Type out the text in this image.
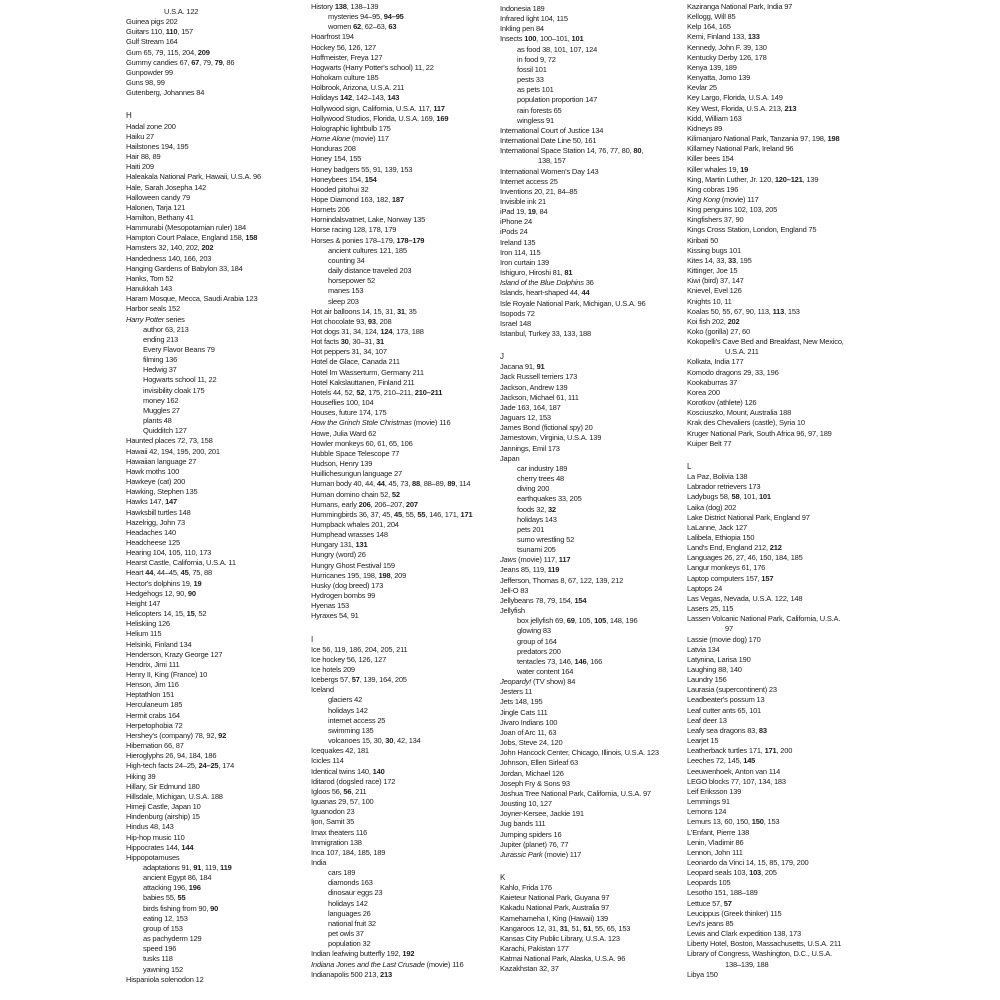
U.S.A. 122
Guinea pigs 202
Guitars 110, 110, 157
Gulf Stream 164
Gum 65, 79, 115, 204, 209
Gummy candies 67, 67, 79, 79, 86
Gunpowder 99
Guns 98, 99
Gutenberg, Johannes 84
H
Hadal zone 200
Haiku 27
Hailstones 194, 195
Hair 88, 89
Haiti 209
Haleakala National Park, Hawaii, U.S.A. 96
Hale, Sarah Josepha 142
Halloween candy 79
Halonen, Tarja 121
Hamilton, Bethany 41
Hammurabi (Mesopotamian ruler) 184
Hampton Court Palace, England 158, 158
Hamsters 32, 140, 202, 202
Handedness 140, 166, 203
Hanging Gardens of Babylon 33, 184
Hanks, Tom 52
Hanukkah 143
Haram Mosque, Mecca, Saudi Arabia 123
Harbor seals 152
Harry Potter series
author 63, 213
ending 213
Every Flavor Beans 79
filming 136
Hedwig 37
Hogwarts school 11, 22
invisibility cloak 175
money 162
Muggles 27
plants 48
Quidditch 127
Haunted places 72, 73, 158
Hawaii 42, 194, 195, 200, 201
Hawaiian language 27
Hawk moths 100
Hawkeye (cat) 200
Hawking, Stephen 135
Hawks 147, 147
Hawksbill turtles 148
Hazelrigg, John 73
Headaches 140
Headcheese 125
Hearing 104, 105, 110, 173
Hearst Castle, California, U.S.A. 11
Heart 44, 44–45, 45, 75, 88
Hector's dolphins 19, 19
Hedgehogs 12, 90, 90
Height 147
Helicopters 14, 15, 15, 52
Heliskiing 126
Helium 115
Helsinki, Finland 134
Henderson, Krazy George 127
Hendrix, Jimi 111
Henry II, King (France) 10
Henson, Jim 116
Heptathlon 151
Herculaneum 185
Hermit crabs 164
Herpetophobia 72
Hershey's (company) 78, 92, 92
Hibernation 66, 87
Hieroglyphs 26, 94, 184, 186
High-tech facts 24–25, 24–25, 174
Hiking 39
Hillary, Sir Edmund 180
Hillsdale, Michigan, U.S.A. 188
Himeji Castle, Japan 10
Hindenburg (airship) 15
Hindus 48, 143
Hip-hop music 110
Hippocrates 144, 144
Hippopotamuses
adaptations 91, 91, 119, 119
ancient Egypt 86, 184
attacking 196, 196
babies 55, 55
birds fishing from 90, 90
eating 12, 153
group of 153
as pachyderm 129
speed 196
tusks 118
yawning 152
Hispaniola solenodon 12
History 138, 138–139
mysteries 94–95, 94–95
women 62, 62–63, 63
Hoarfrost 194
Hockey 56, 126, 127
Hoffmeister, Freya 127
Hogwarts (Harry Potter's school) 11, 22
Hohokam culture 185
Holbrook, Arizona, U.S.A. 211
Holidays 142, 142–143, 143
Hollywood sign, California, U.S.A. 117, 117
Hollywood Studios, Florida, U.S.A. 169, 169
Holographic lightbulb 175
Home Alone (movie) 117
Honduras 208
Honey 154, 155
Honey badgers 55, 91, 139, 153
Honeybees 154, 154
Hooded pitohui 32
Hope Diamond 163, 182, 187
Hornets 206
Hornindalsvatnet, Lake, Norway 135
Horse racing 128, 178, 179
Horses & ponies 178–179, 178–179
ancient cultures 121, 185
counting 34
daily distance traveled 203
horsepower 52
manes 153
sleep 203
Hot air balloons 14, 15, 31, 31, 35
Hot chocolate 93, 93, 208
Hot dogs 31, 34, 124, 124, 173, 188
Hot facts 30, 30–31, 31
Hot peppers 31, 34, 107
Hotel de Glace, Canada 211
Hotel Im Wasserturm, Germany 211
Hotel Kakslauttanen, Finland 211
Hotels 44, 52, 52, 175, 210–211, 210–211
Houseflies 100, 104
Houses, future 174, 175
How the Grinch Stole Christmas (movie) 116
Howe, Julia Ward 62
Howler monkeys 60, 61, 65, 106
Hubble Space Telescope 77
Hudson, Henry 139
Huillichesungun language 27
Human body 40, 44, 44, 45, 73, 88, 88–89, 89, 114
Human domino chain 52, 52
Humans, early 206, 206–207, 207
Hummingbirds 36, 37, 45, 45, 55, 55, 146, 171, 171
Humpback whales 201, 204
Humphead wrasses 148
Hungary 131, 131
Hungry (word) 26
Hungry Ghost Festival 159
Hurricanes 195, 198, 198, 209
Husky (dog breed) 173
Hydrogen bombs 99
Hyenas 153
Hyraxes 54, 91
I
Ice 56, 119, 186, 204, 205, 211
Ice hockey 56, 126, 127
Ice hotels 209
Icebergs 57, 57, 139, 164, 205
Iceland
glaciers 42
holidays 142
internet access 25
swimming 135
volcanoes 15, 30, 30, 42, 134
Icequakes 42, 181
Icicles 114
Identical twins 140, 140
Iditarod (dogsled race) 172
Igloos 56, 56, 211
Iguanas 29, 57, 100
Iguanodon 23
Ijon, Samit 35
Imax theaters 116
Immigration 138
Inca 107, 184, 185, 189
India
cars 189
diamonds 163
dinosaur eggs 23
holidays 142
languages 26
national fruit 32
pet owls 37
population 32
Indian leafwing butterfly 192, 192
Indiana Jones and the Last Crusade (movie) 116
Indianapolis 500 213, 213
Indonesia 189
Infrared light 104, 115
Inkling pen 84
Insects 100, 100–101, 101
as food 38, 101, 107, 124
in food 9, 72
fossil 101
pests 33
as pets 101
population proportion 147
rain forests 65
wingless 91
International Court of Justice 134
International Date Line 50, 161
International Space Station 14, 76, 77, 80, 80,
138, 157
International Women's Day 143
Internet access 25
Inventions 20, 21, 84–85
Invisible ink 21
iPad 19, 19, 84
iPhone 24
iPods 24
Ireland 135
Iron 114, 115
Iron curtain 139
Ishiguro, Hiroshi 81, 81
Island of the Blue Dolphins 36
Islands, heart-shaped 44, 44
Isle Royale National Park, Michigan, U.S.A. 96
Isopods 72
Israel 148
Istanbul, Turkey 33, 133, 188
J
Jacana 91, 91
Jack Russell terriers 173
Jackson, Andrew 139
Jackson, Michael 61, 111
Jade 163, 164, 187
Jaguars 12, 153
James Bond (fictional spy) 20
Jamestown, Virginia, U.S.A. 139
Jannings, Emil 173
Japan
car industry 189
cherry trees 48
diving 200
earthquakes 33, 205
foods 32, 32
holidays 143
pets 201
sumo wrestling 52
tsunami 205
Jaws (movie) 117, 117
Jeans 85, 119, 119
Jefferson, Thomas 8, 67, 122, 139, 212
Jell-O 83
Jellybeans 78, 79, 154, 154
Jellyfish
box jellyfish 69, 69, 105, 105, 148, 196
glowing 83
group of 164
predators 200
tentacles 73, 146, 146, 166
water content 164
Jeopardy! (TV show) 84
Jesters 11
Jets 148, 195
Jingle Cats 111
Jivaro Indians 100
Joan of Arc 11, 63
Jobs, Steve 24, 120
John Hancock Center, Chicago, Illinois, U.S.A. 123
Johnson, Ellen Sirleaf 63
Jordan, Michael 126
Joseph Fry & Sons 93
Joshua Tree National Park, California, U.S.A. 97
Jousting 10, 127
Joyner-Kersee, Jackie 191
Jug bands 111
Jumping spiders 16
Jupiter (planet) 76, 77
Jurassic Park (movie) 117
K
Kahlo, Frida 176
Kaieteur National Park, Guyana 97
Kakadu National Park, Australia 97
Kamehameha I, King (Hawaii) 139
Kangaroos 12, 31, 31, 51, 51, 55, 65, 153
Kansas City Public Library, U.S.A. 123
Karachi, Pakistan 177
Katmai National Park, Alaska, U.S.A. 96
Kazakhstan 32, 37
Kaziranga National Park, India 97
Kellogg, Will 85
Kelp 164, 165
Kemi, Finland 133, 133
Kennedy, John F. 39, 130
Kentucky Derby 126, 178
Kenya 139, 189
Kenyatta, Jomo 139
Kevlar 25
Key Largo, Florida, U.S.A. 149
Key West, Florida, U.S.A. 213, 213
Kidd, William 163
Kidneys 89
Kilimanjaro National Park, Tanzania 97, 198, 198
Killarney National Park, Ireland 96
Killer bees 154
Killer whales 19, 19
King, Martin Luther, Jr. 120, 120–121, 139
King cobras 196
King Kong (movie) 117
King penguins 102, 103, 205
Kingfishers 37, 90
Kings Cross Station, London, England 75
Kiribati 50
Kissing bugs 101
Kites 14, 33, 33, 195
Kittinger, Joe 15
Kiwi (bird) 37, 147
Knievel, Evel 126
Knights 10, 11
Koalas 50, 55, 67, 90, 113, 113, 153
Koi fish 202, 202
Koko (gorilla) 27, 60
Kokopelli's Cave Bed and Breakfast, New Mexico,
U.S.A. 211
Kolkata, India 177
Komodo dragons 29, 33, 196
Kookaburras 37
Korea 200
Korotkov (athlete) 126
Kosciuszko, Mount, Australia 188
Krak des Chevaliers (castle), Syria 10
Kruger National Park, South Africa 96, 97, 189
Kuiper Belt 77
L
La Paz, Bolivia 138
Labrador retrievers 173
Ladybugs 58, 58, 101, 101
Laika (dog) 202
Lake District National Park, England 97
LaLanne, Jack 127
Lalibela, Ethiopia 150
Land's End, England 212, 212
Languages 26, 27, 46, 150, 184, 185
Langur monkeys 61, 176
Laptop computers 157, 157
Laptops 24
Las Vegas, Nevada, U.S.A. 122, 148
Lasers 25, 115
Lassen Volcanic National Park, California, U.S.A.
97
Lassie (movie dog) 170
Latvia 134
Latynina, Larisa 190
Laughing 88, 140
Laundry 156
Laurasia (supercontinent) 23
Leadbeater's possum 13
Leaf cutter ants 65, 101
Leaf deer 13
Leafy sea dragons 83, 83
Learjet 15
Leatherback turtles 171, 171, 200
Leeches 72, 145, 145
Leeuwenhoek, Anton van 114
LEGO blocks 77, 107, 134, 183
Leif Eriksson 139
Lemmings 91
Lemons 124
Lemurs 13, 60, 150, 150, 153
L'Enfant, Pierre 138
Lenin, Vladimir 86
Lennon, John 111
Leonardo da Vinci 14, 15, 85, 179, 200
Leopard seals 103, 103, 205
Leopards 105
Lesotho 151, 188–189
Lettuce 57, 57
Leucippus (Greek thinker) 115
Levi's jeans 85
Lewis and Clark expedition 138, 173
Liberty Hotel, Boston, Massachusetts, U.S.A. 211
Library of Congress, Washington, D.C., U.S.A.
138–139, 188
Libya 150
